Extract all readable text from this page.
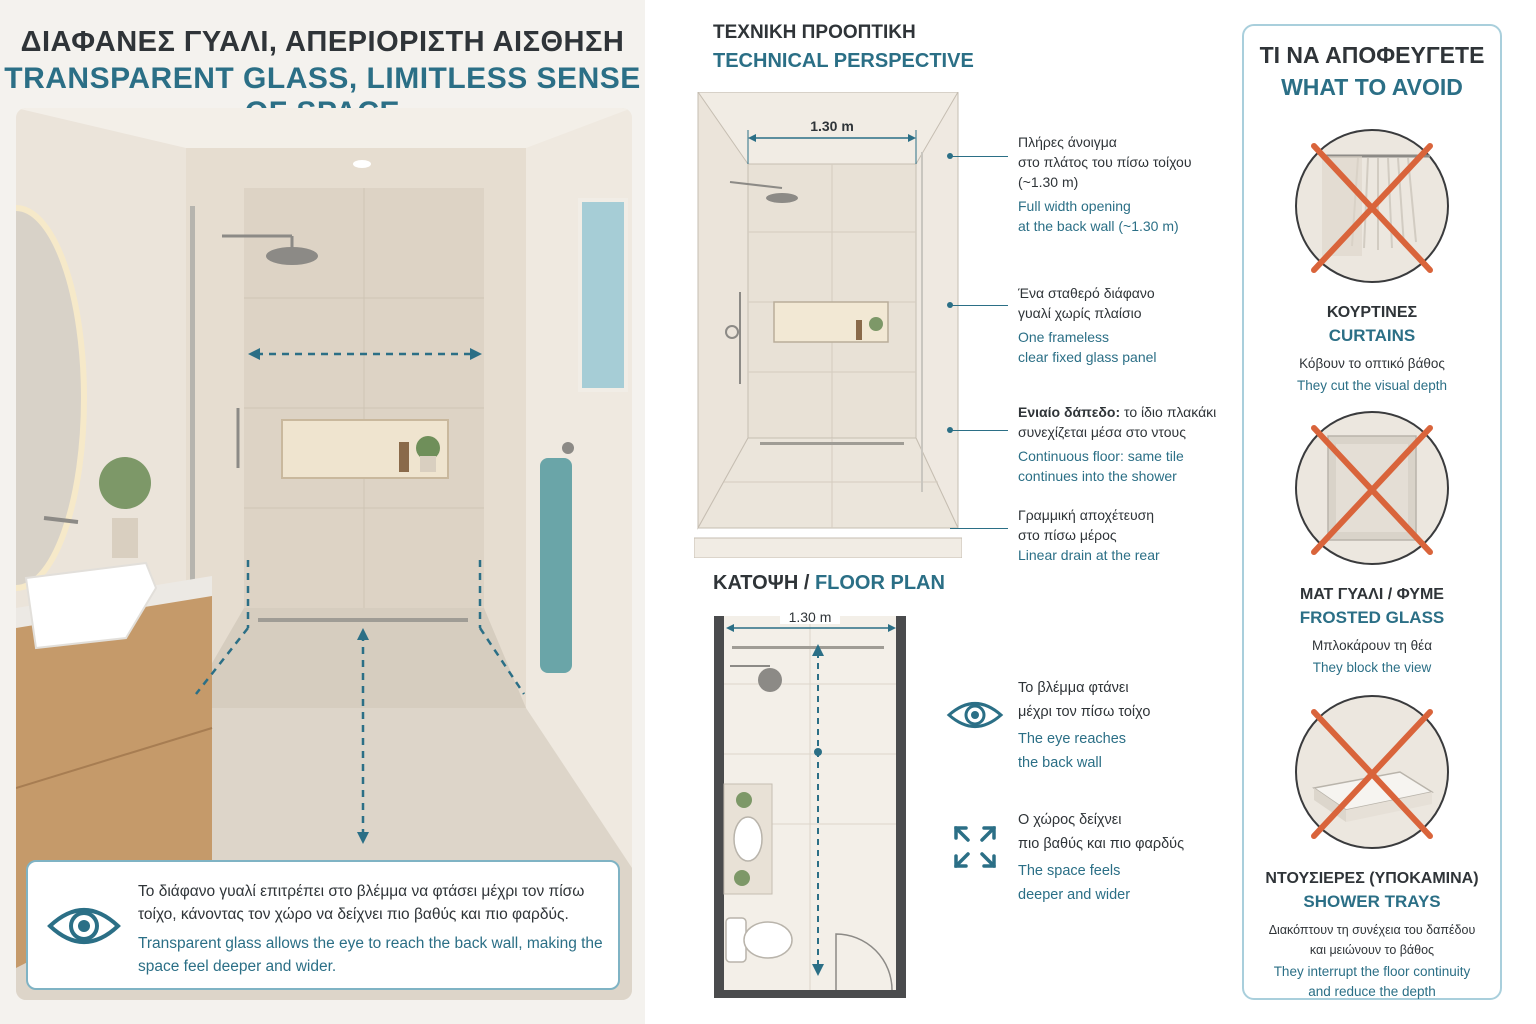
ΔΙΑΦΑΝΕΣ ΓΥΑΛΙ, ΑΠΕΡΙΟΡΙΣΤΗ ΑΙΣΘΗΣΗ
TRANSPARENT GLASS, LIMITLESS SENSE
Το διάφανο γυαλί επιτρέπει στο βλέμμα να φτάσει μέχρι τον πίσω τοίχο, κάνοντας τον χώρο να δείχνει πιο βαθύς και πιο φαρδύς.
Transparent glass allows the eye to reach the back wall, making the space feel deeper and wider.
ΤΕΧΝΙΚΗ ΠΡΟΟΠΤΙΚΗ
TECHNICAL PERSPECTIVE
1.30 m
Πλήρες άνοιγμα
στο πλάτος του πίσω τοίχου
(~1.30 m)
Full width opening
at the back wall (~1.30 m)
Ένα σταθερό διάφανο
γυαλί χωρίς πλαίσιο
One frameless
clear fixed glass panel
Ενιαίο δάπεδο: το ίδιο πλακάκι
συνεχίζεται μέσα στο ντους
Continuous floor: same tile
continues into the shower
Γραμμική αποχέτευση
στο πίσω μέρος
Linear drain at the rear
ΚΑΤΟΨΗ / FLOOR PLAN
1.30 m
Το βλέμμα φτάνει
μέχρι τον πίσω τοίχο
The eye reaches
the back wall
Ο χώρος δείχνει
πιο βαθύς και πιο φαρδύς
The space feels
deeper and wider
ΤΙ ΝΑ ΑΠΟΦΕΥΓΕΤΕ
WHAT TO AVOID
ΚΟΥΡΤΙΝΕΣ
CURTAINS
Κόβουν το οπτικό βάθος
They cut the visual depth
ΜΑΤ ΓΥΑΛΙ / ΦΥΜΕ
FROSTED GLASS
Μπλοκάρουν τη θέα
They block the view
ΝΤΟΥΣΙΕΡΕΣ (ΥΠΟΚΑΜΙΝΑ)
SHOWER TRAYS
Διακόπτουν τη συνέχεια του δαπέδου
και μειώνουν το βάθος
They interrupt the floor continuity
and reduce the depth
